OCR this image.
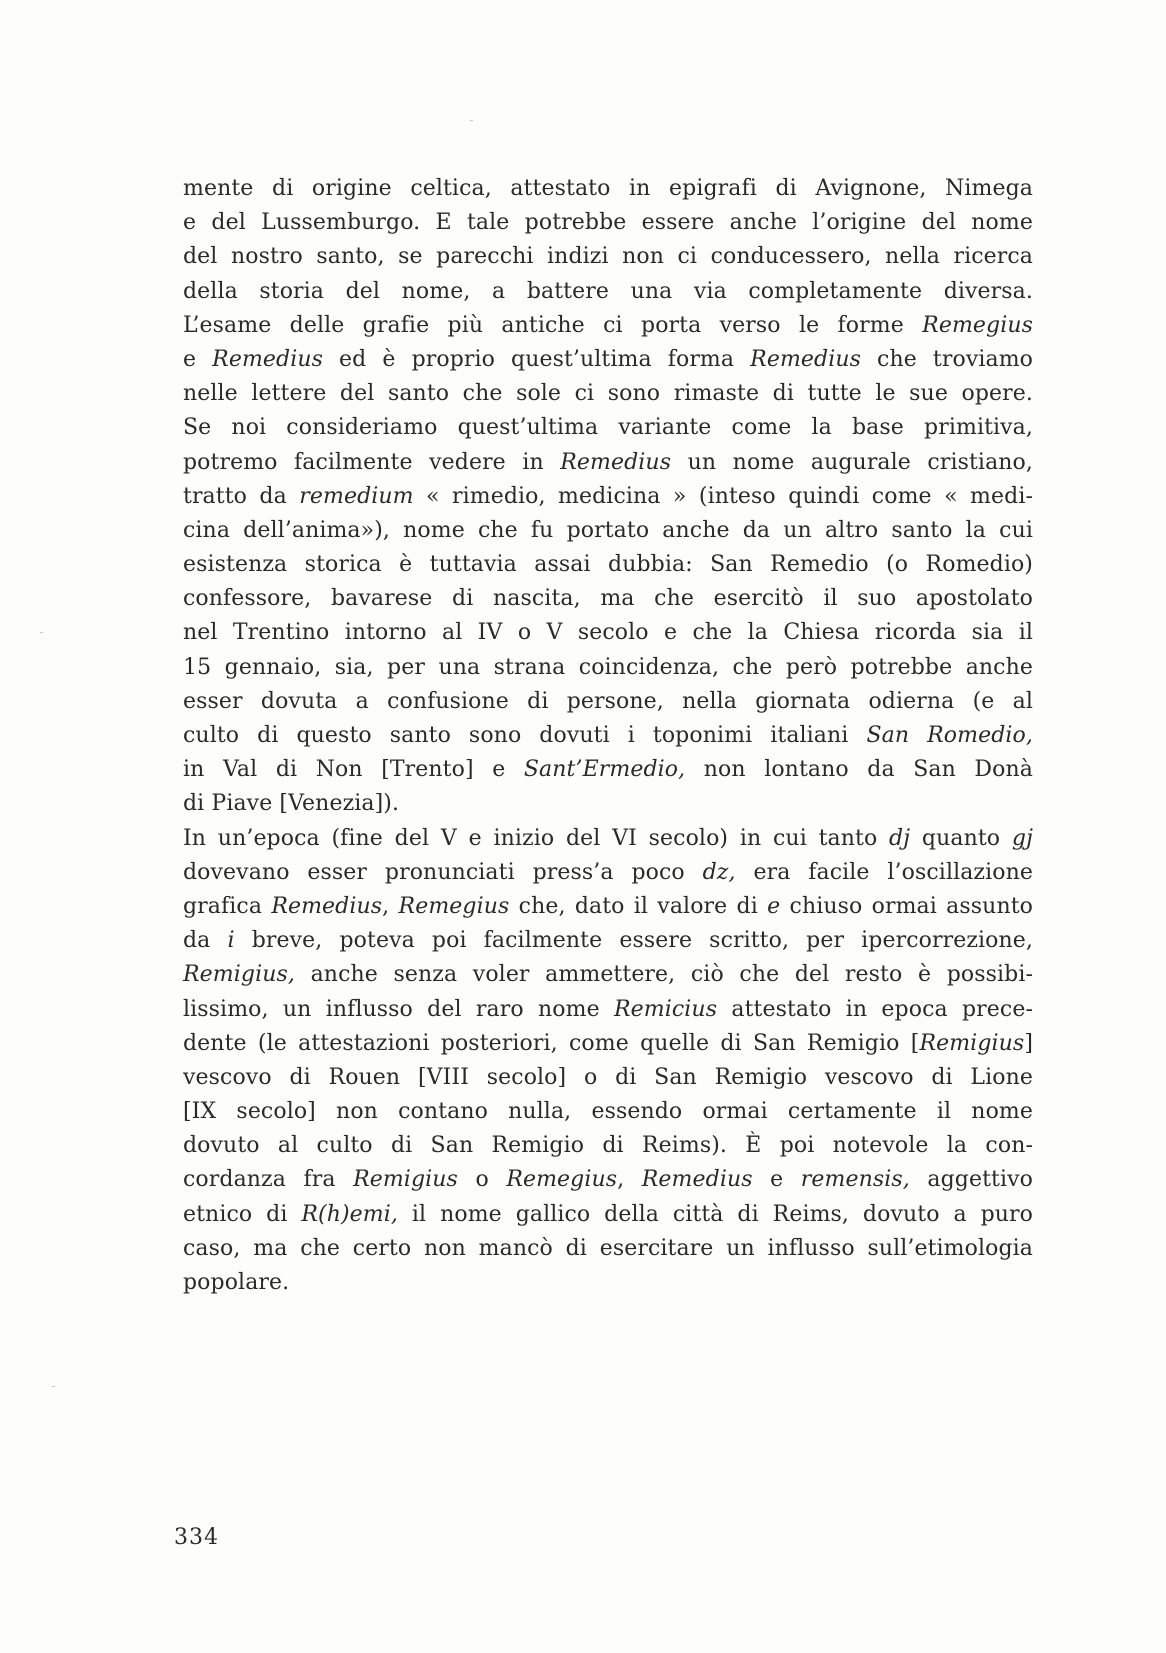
mente di origine celtica, attestato in epigrafi di Avignone, Nimega
e del Lussemburgo. E tale potrebbe essere anche l’origine del nome
del nostro santo, se parecchi indizi non ci conducessero, nella ricerca
della storia del nome, a battere una via completamente diversa.
L’esame delle grafie più antiche ci porta verso le forme Remegius
e Remedius ed è proprio quest’ultima forma Remedius che troviamo
nelle lettere del santo che sole ci sono rimaste di tutte le sue opere.
Se noi consideriamo quest’ultima variante come la base primitiva,
potremo facilmente vedere in Remedius un nome augurale cristiano,
tratto da remedium « rimedio, medicina » (inteso quindi come « medi-
cina dell’anima»), nome che fu portato anche da un altro santo la cui
esistenza storica è tuttavia assai dubbia: San Remedio (o Romedio)
confessore, bavarese di nascita, ma che esercitò il suo apostolato
nel Trentino intorno al IV o V secolo e che la Chiesa ricorda sia il
15 gennaio, sia, per una strana coincidenza, che però potrebbe anche
esser dovuta a confusione di persone, nella giornata odierna (e al
culto di questo santo sono dovuti i toponimi italiani San Romedio,
in Val di Non [Trento] e Sant’Ermedio, non lontano da San Donà
di Piave [Venezia]).
In un’epoca (fine del V e inizio del VI secolo) in cui tanto dj quanto gj
dovevano esser pronunciati press’a poco dz, era facile l’oscillazione
grafica Remedius, Remegius che, dato il valore di e chiuso ormai assunto
da i breve, poteva poi facilmente essere scritto, per ipercorrezione,
Remigius, anche senza voler ammettere, ciò che del resto è possibi-
lissimo, un influsso del raro nome Remicius attestato in epoca prece-
dente (le attestazioni posteriori, come quelle di San Remigio [Remigius]
vescovo di Rouen [VIII secolo] o di San Remigio vescovo di Lione
[IX secolo] non contano nulla, essendo ormai certamente il nome
dovuto al culto di San Remigio di Reims). È poi notevole la con-
cordanza fra Remigius o Remegius, Remedius e remensis, aggettivo
etnico di R(h)emi, il nome gallico della città di Reims, dovuto a puro
caso, ma che certo non mancò di esercitare un influsso sull’etimologia
popolare.
334
